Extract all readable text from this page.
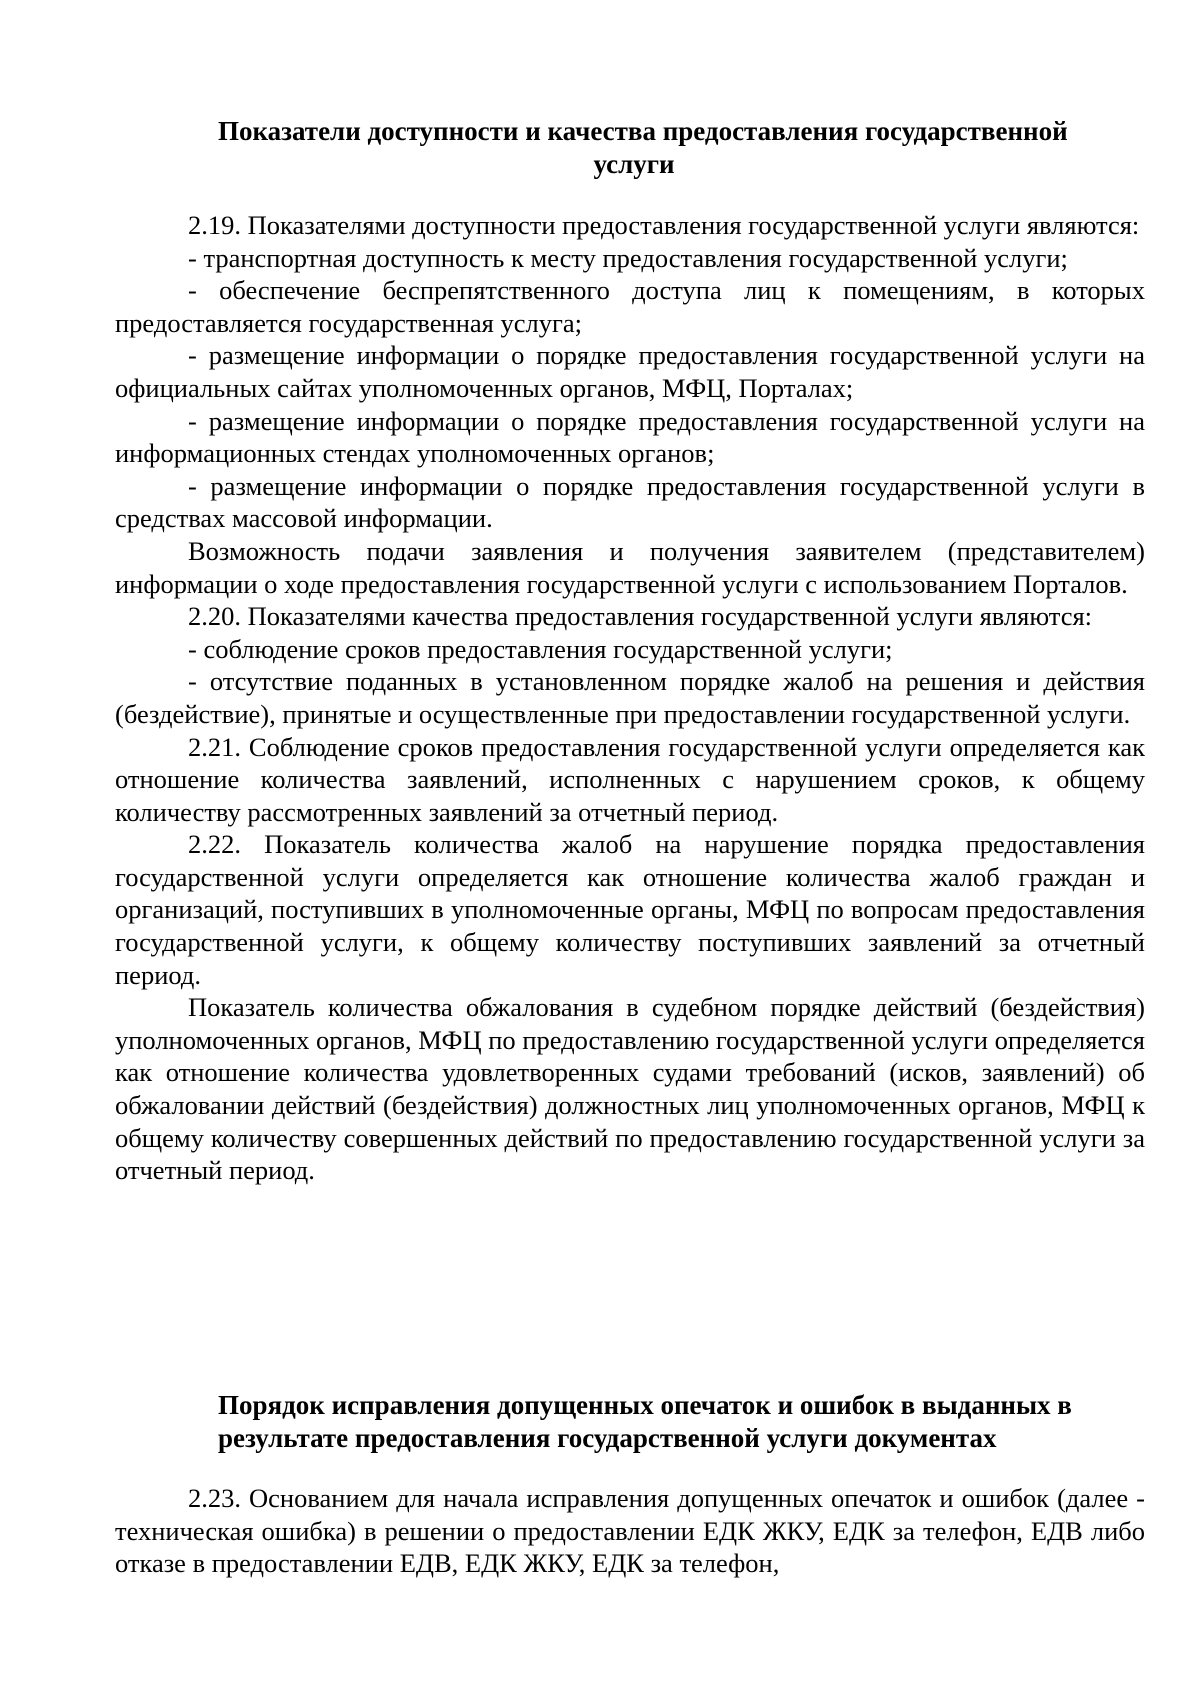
Показатели доступности и качества предоставления государственной
услуги

2.19. Показателями доступности предоставления государственной услуги являются:

- транспортная доступность к месту предоставления государственной услуги;

- обеспечение беспрепятственного доступа лиц к помещениям, в которых предоставляется государственная услуга;

- размещение информации о порядке предоставления государственной услуги на официальных сайтах уполномоченных органов, МФЦ, Порталах;

- размещение информации о порядке предоставления государственной услуги на информационных стендах уполномоченных органов;

- размещение информации о порядке предоставления государственной услуги в средствах массовой информации.

Возможность подачи заявления и получения заявителем (представителем) информации о ходе предоставления государственной услуги с использованием Порталов.

2.20. Показателями качества предоставления государственной услуги являются:

- соблюдение сроков предоставления государственной услуги;

- отсутствие поданных в установленном порядке жалоб на решения и действия (бездействие), принятые и осуществленные при предоставлении государственной услуги.

2.21. Соблюдение сроков предоставления государственной услуги определяется как отношение количества заявлений, исполненных с нарушением сроков, к общему количеству рассмотренных заявлений за отчетный период.

2.22. Показатель количества жалоб на нарушение порядка предоставления государственной услуги определяется как отношение количества жалоб граждан и организаций, поступивших в уполномоченные органы, МФЦ по вопросам предоставления государственной услуги, к общему количеству поступивших заявлений за отчетный период.

Показатель количества обжалования в судебном порядке действий (бездействия) уполномоченных органов, МФЦ по предоставлению государственной услуги определяется как отношение количества удовлетворенных судами требований (исков, заявлений) об обжаловании действий (бездействия) должностных лиц уполномоченных органов, МФЦ к общему количеству совершенных действий по предоставлению государственной услуги за отчетный период.

Порядок исправления допущенных опечаток и ошибок в выданных в
результате предоставления государственной услуги документах

2.23. Основанием для начала исправления допущенных опечаток и ошибок (далее - техническая ошибка) в решении о предоставлении ЕДК ЖКУ, ЕДК за телефон, ЕДВ либо отказе в предоставлении ЕДВ, ЕДК ЖКУ, ЕДК за телефон,
